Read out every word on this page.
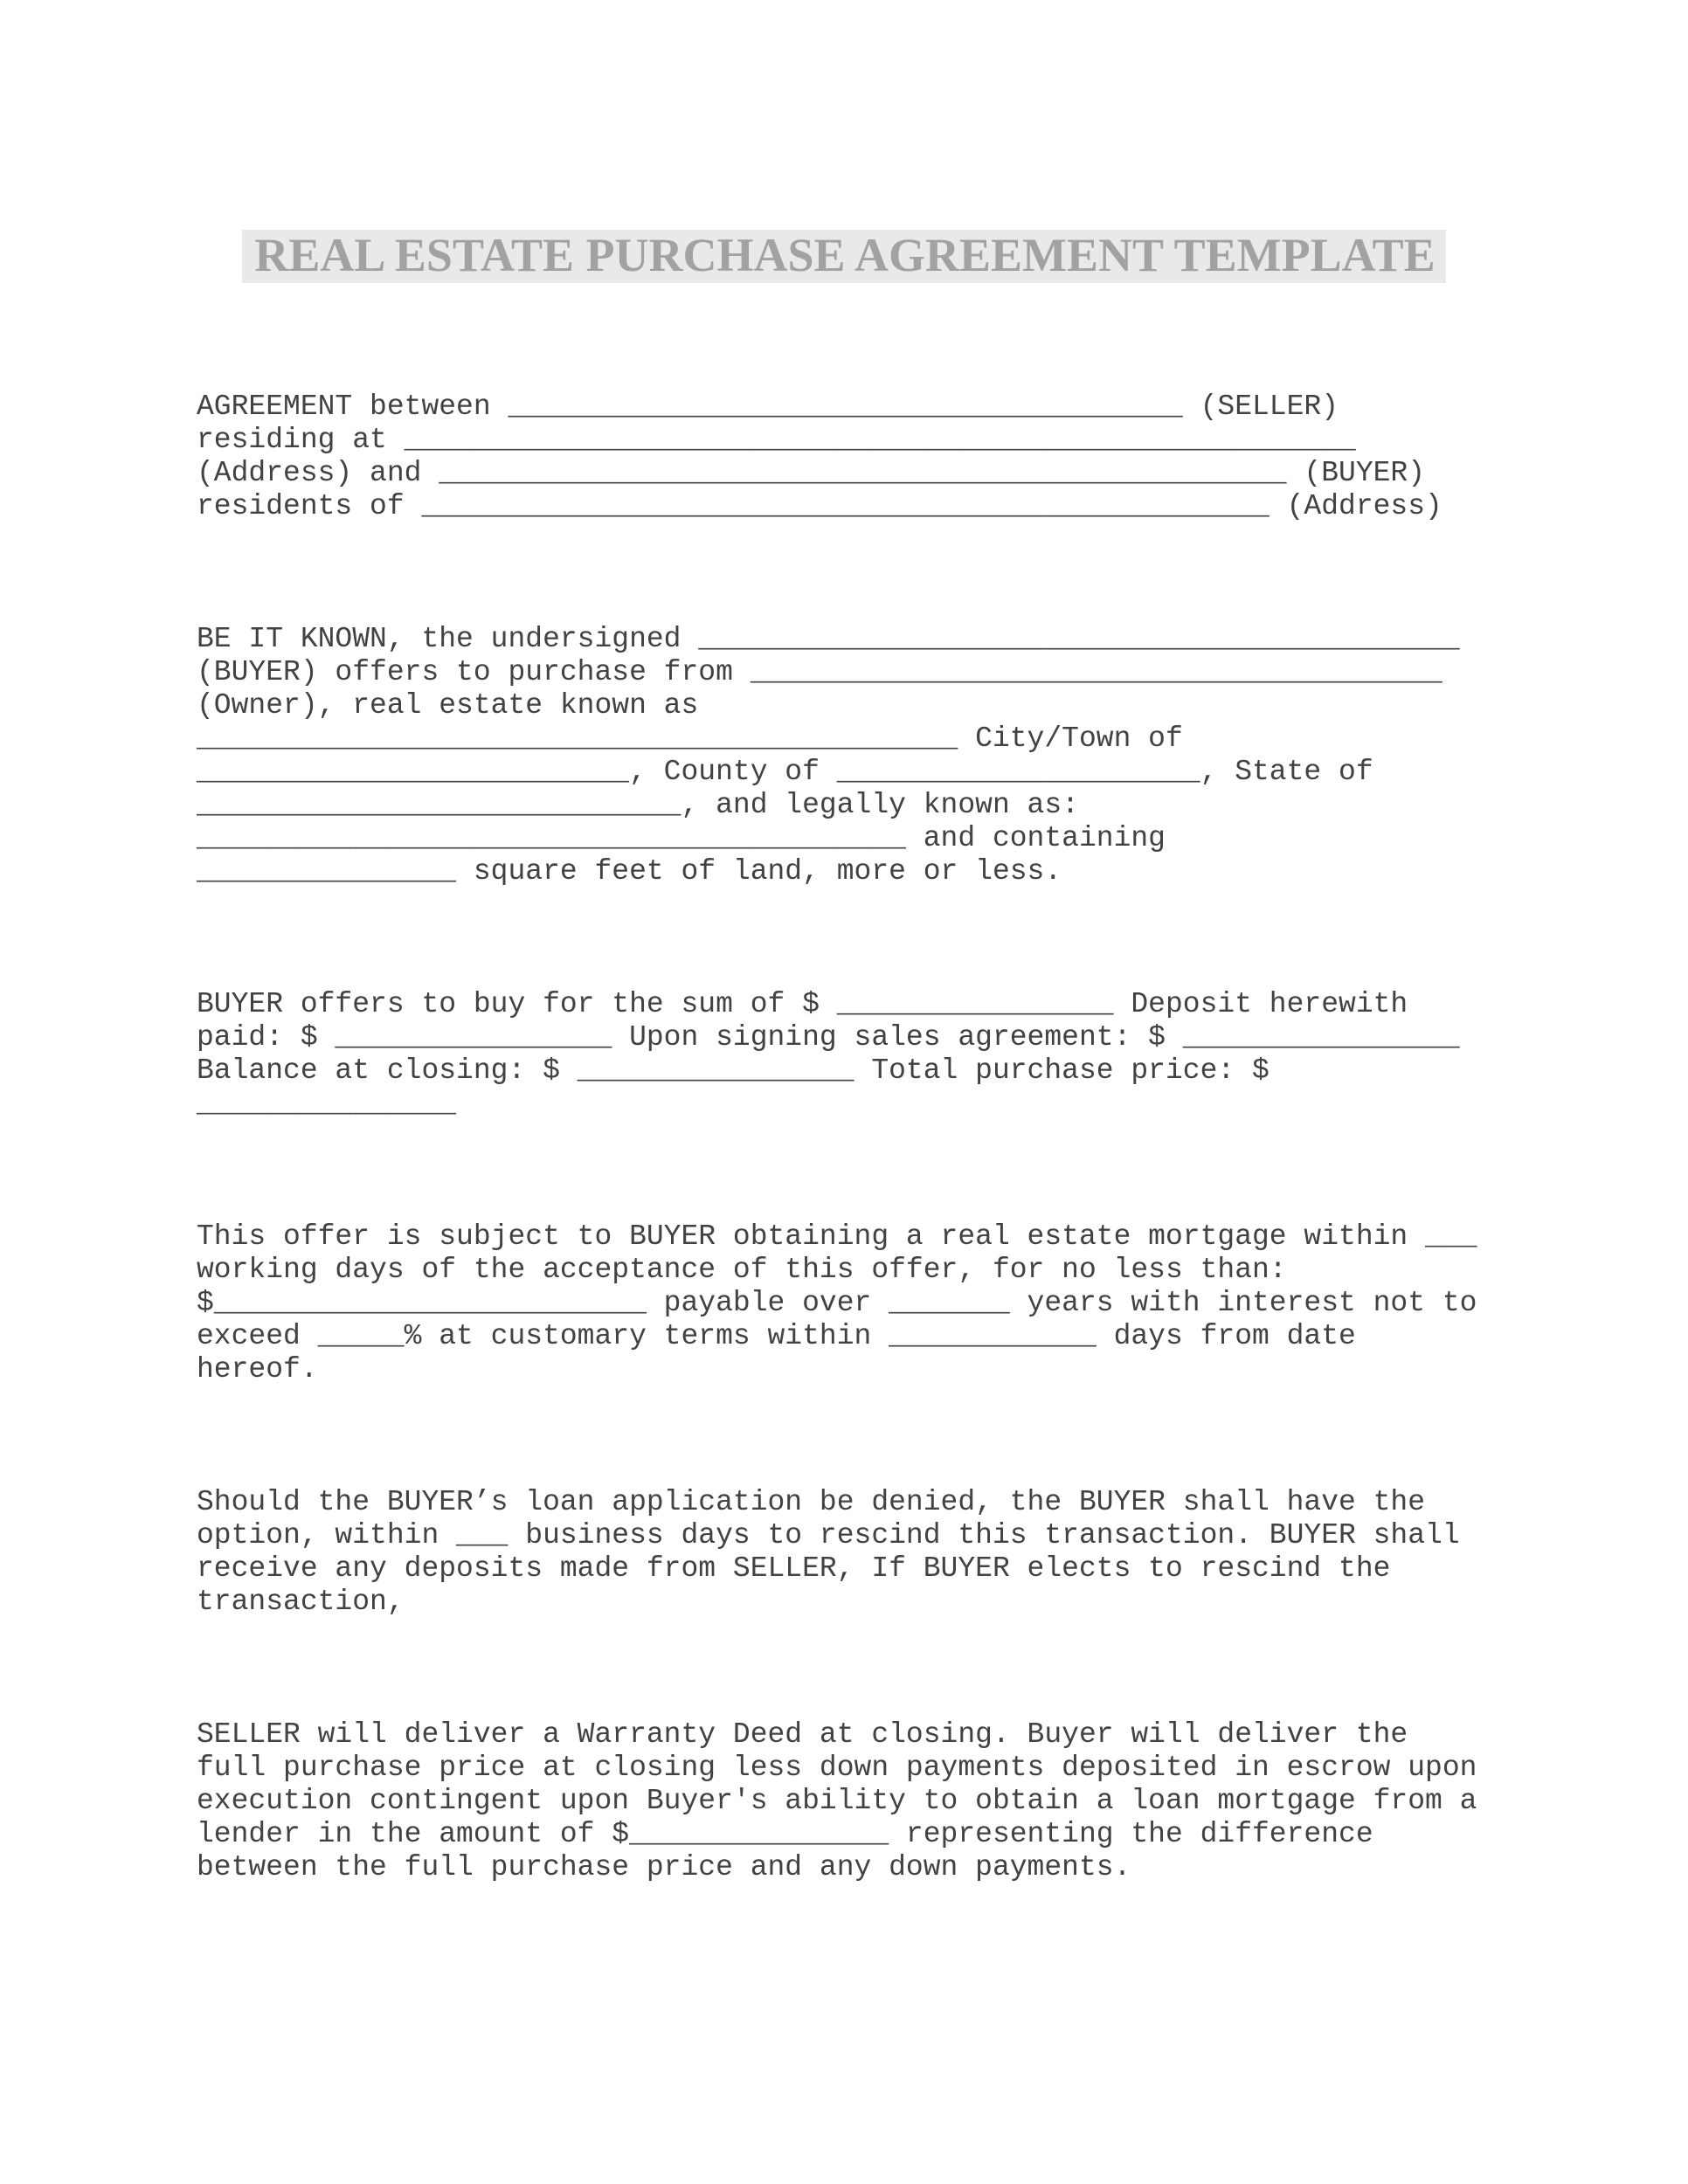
REAL ESTATE PURCHASE AGREEMENT TEMPLATE

AGREEMENT between _______________________________________ (SELLER)
residing at _______________________________________________________
(Address) and _________________________________________________ (BUYER)
residents of _________________________________________________ (Address)

BE IT KNOWN, the undersigned ____________________________________________
(BUYER) offers to purchase from ________________________________________
(Owner), real estate known as
____________________________________________ City/Town of
_________________________, County of _____________________, State of
____________________________, and legally known as:
_________________________________________ and containing
_______________ square feet of land, more or less.

BUYER offers to buy for the sum of $ ________________ Deposit herewith
paid: $ ________________ Upon signing sales agreement: $ ________________
Balance at closing: $ ________________ Total purchase price: $
_______________

This offer is subject to BUYER obtaining a real estate mortgage within ___
working days of the acceptance of this offer, for no less than:
$_________________________ payable over _______ years with interest not to
exceed _____% at customary terms within ____________ days from date
hereof.

Should the BUYER’s loan application be denied, the BUYER shall have the
option, within ___ business days to rescind this transaction. BUYER shall
receive any deposits made from SELLER, If BUYER elects to rescind the
transaction,

SELLER will deliver a Warranty Deed at closing. Buyer will deliver the
full purchase price at closing less down payments deposited in escrow upon
execution contingent upon Buyer's ability to obtain a loan mortgage from a
lender in the amount of $_______________ representing the difference
between the full purchase price and any down payments.
